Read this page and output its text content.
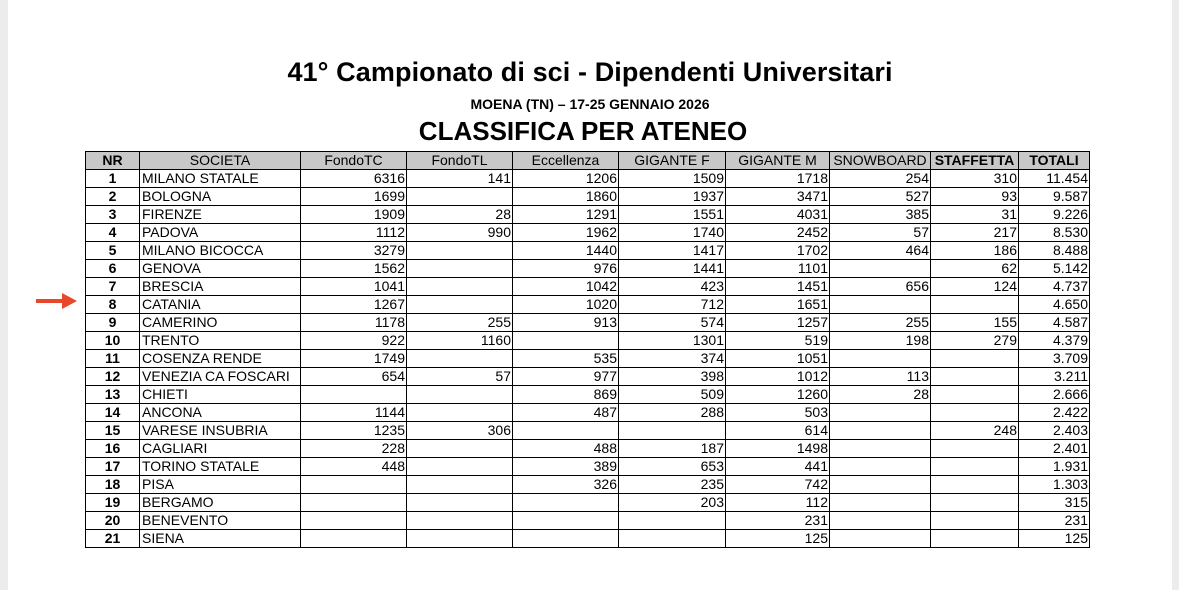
41° Campionato di sci - Dipendenti Universitari
MOENA (TN) – 17-25 GENNAIO 2026
CLASSIFICA PER ATENEO
NR	SOCIETA	FondoTC	FondoTL	Eccellenza	GIGANTE F	GIGANTE M	SNOWBOARD	STAFFETTA	TOTALI
1	MILANO STATALE	6316	141	1206	1509	1718	254	310	11.454
2	BOLOGNA	1699		1860	1937	3471	527	93	9.587
3	FIRENZE	1909	28	1291	1551	4031	385	31	9.226
4	PADOVA	1112	990	1962	1740	2452	57	217	8.530
5	MILANO BICOCCA	3279		1440	1417	1702	464	186	8.488
6	GENOVA	1562		976	1441	1101		62	5.142
7	BRESCIA	1041		1042	423	1451	656	124	4.737
8	CATANIA	1267		1020	712	1651			4.650
9	CAMERINO	1178	255	913	574	1257	255	155	4.587
10	TRENTO	922	1160		1301	519	198	279	4.379
11	COSENZA RENDE	1749		535	374	1051			3.709
12	VENEZIA CA FOSCARI	654	57	977	398	1012	113		3.211
13	CHIETI			869	509	1260	28		2.666
14	ANCONA	1144		487	288	503			2.422
15	VARESE INSUBRIA	1235	306			614		248	2.403
16	CAGLIARI	228		488	187	1498			2.401
17	TORINO STATALE	448		389	653	441			1.931
18	PISA			326	235	742			1.303
19	BERGAMO				203	112			315
20	BENEVENTO					231			231
21	SIENA					125			125
